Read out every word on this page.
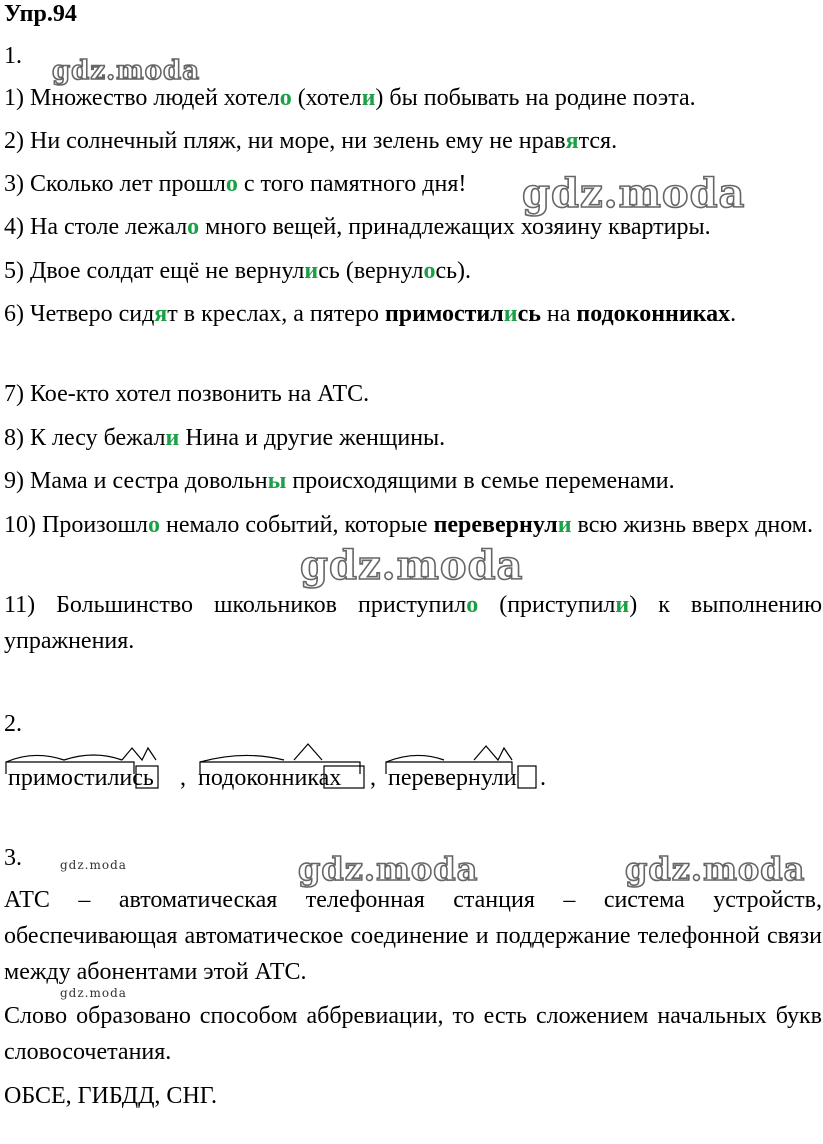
Упр.94
1. gdz.moda
gdz.moda
gdz.moda
gdz.moda	gdz.moda
gdz.moda
gdz.moda
1) Множество людей хотело (хотели) бы побывать на родине поэта.
2) Ни солнечный пляж, ни море, ни зелень ему не нравятся.
3) Сколько лет прошло с того памятного дня!
4) На столе лежало много вещей, принадлежащих хозяину квартиры.
5) Двое солдат ещё не вернулись (вернулось).
6) Четверо сидят в креслах, а пятеро примостились на подоконниках.
7) Кое-кто хотел позвонить на АТС.
8) К лесу бежали Нина и другие женщины.
9) Мама и сестра довольны происходящими в семье переменами.
10) Произошло немало событий, которые перевернули всю жизнь вверх дном.
11) Большинство школьников приступило (приступили) к выполнению упражнения.
2.
примостились , подоконниках , перевернули .
3.
АТС – автоматическая телефонная станция – система устройств, обеспечивающая автоматическое соединение и поддержание телефонной связи между абонентами этой АТС.
Слово образовано способом аббревиации, то есть сложением начальных букв словосочетания.
ОБСЕ, ГИБДД, СНГ.
